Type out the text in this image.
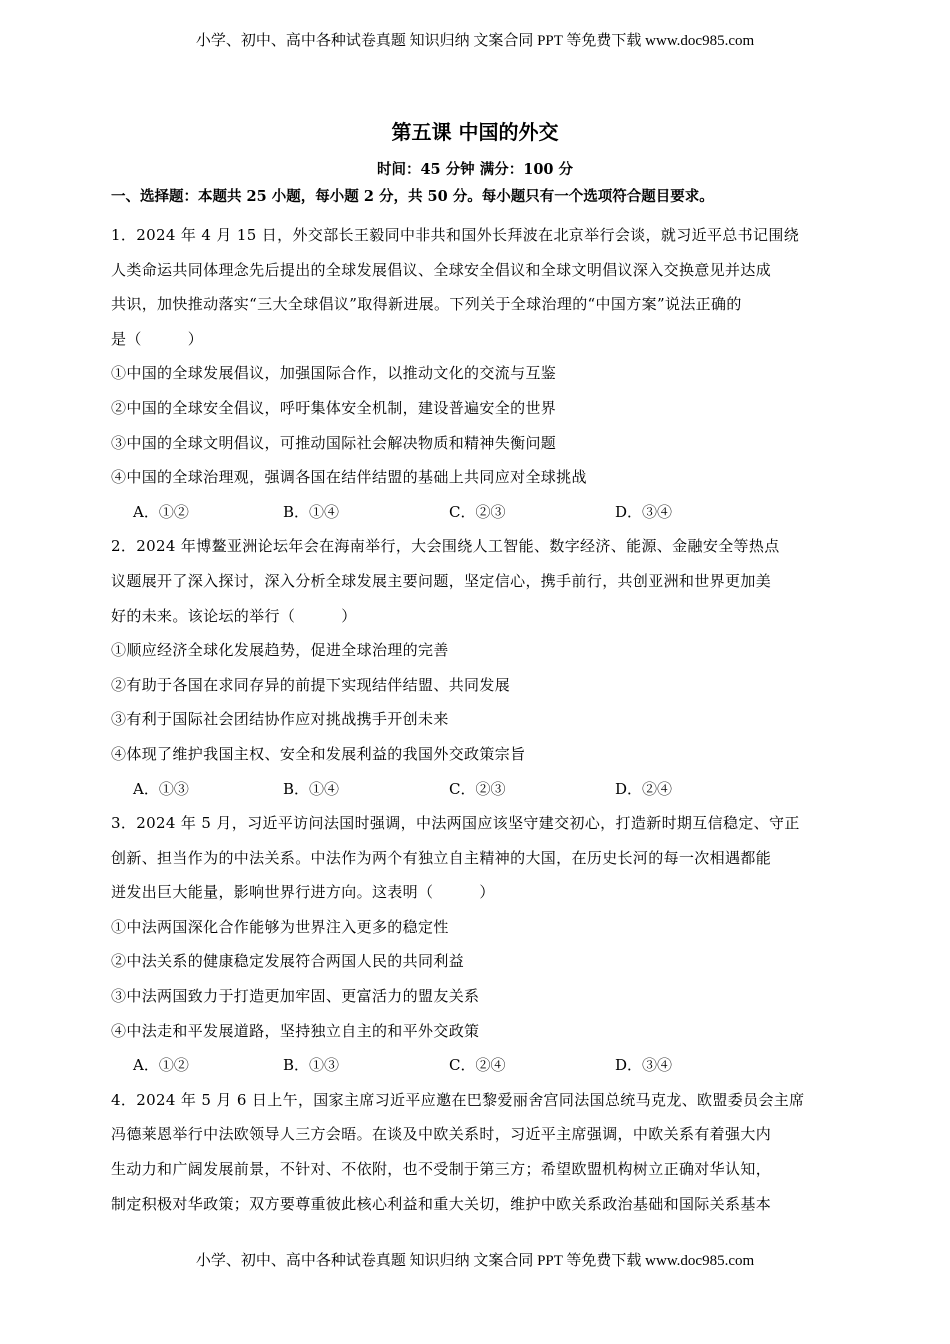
小学、初中、高中各种试卷真题 知识归纳 文案合同 PPT 等免费下载 www.doc985.com
第五课 中国的外交
时间：45 分钟 满分：100 分
一、选择题：本题共 25 小题，每小题 2 分，共 50 分。每小题只有一个选项符合题目要求。
1．2024 年 4 月 15 日，外交部长王毅同中非共和国外长拜波在北京举行会谈，就习近平总书记围绕
人类命运共同体理念先后提出的全球发展倡议、全球安全倡议和全球文明倡议深入交换意见并达成
共识，加快推动落实“三大全球倡议”取得新进展。下列关于全球治理的“中国方案”说法正确的
是（　　　）
①中国的全球发展倡议，加强国际合作，以推动文化的交流与互鉴
②中国的全球安全倡议，呼吁集体安全机制，建设普遍安全的世界
③中国的全球文明倡议，可推动国际社会解决物质和精神失衡问题
④中国的全球治理观，强调各国在结伴结盟的基础上共同应对全球挑战
A．①②	B．①④	C．②③	D．③④
2．2024 年博鳌亚洲论坛年会在海南举行，大会围绕人工智能、数字经济、能源、金融安全等热点
议题展开了深入探讨，深入分析全球发展主要问题，坚定信心，携手前行，共创亚洲和世界更加美
好的未来。该论坛的举行（　　　）
①顺应经济全球化发展趋势，促进全球治理的完善
②有助于各国在求同存异的前提下实现结伴结盟、共同发展
③有利于国际社会团结协作应对挑战携手开创未来
④体现了维护我国主权、安全和发展利益的我国外交政策宗旨
A．①③	B．①④	C．②③	D．②④
3．2024 年 5 月，习近平访问法国时强调，中法两国应该坚守建交初心，打造新时期互信稳定、守正
创新、担当作为的中法关系。中法作为两个有独立自主精神的大国，在历史长河的每一次相遇都能
迸发出巨大能量，影响世界行进方向。这表明（　　　）
①中法两国深化合作能够为世界注入更多的稳定性
②中法关系的健康稳定发展符合两国人民的共同利益
③中法两国致力于打造更加牢固、更富活力的盟友关系
④中法走和平发展道路，坚持独立自主的和平外交政策
A．①②	B．①③	C．②④	D．③④
4．2024 年 5 月 6 日上午，国家主席习近平应邀在巴黎爱丽舍宫同法国总统马克龙、欧盟委员会主席
冯德莱恩举行中法欧领导人三方会晤。在谈及中欧关系时，习近平主席强调，中欧关系有着强大内
生动力和广阔发展前景，不针对、不依附，也不受制于第三方；希望欧盟机构树立正确对华认知，
制定积极对华政策；双方要尊重彼此核心利益和重大关切，维护中欧关系政治基础和国际关系基本
小学、初中、高中各种试卷真题 知识归纳 文案合同 PPT 等免费下载 www.doc985.com
